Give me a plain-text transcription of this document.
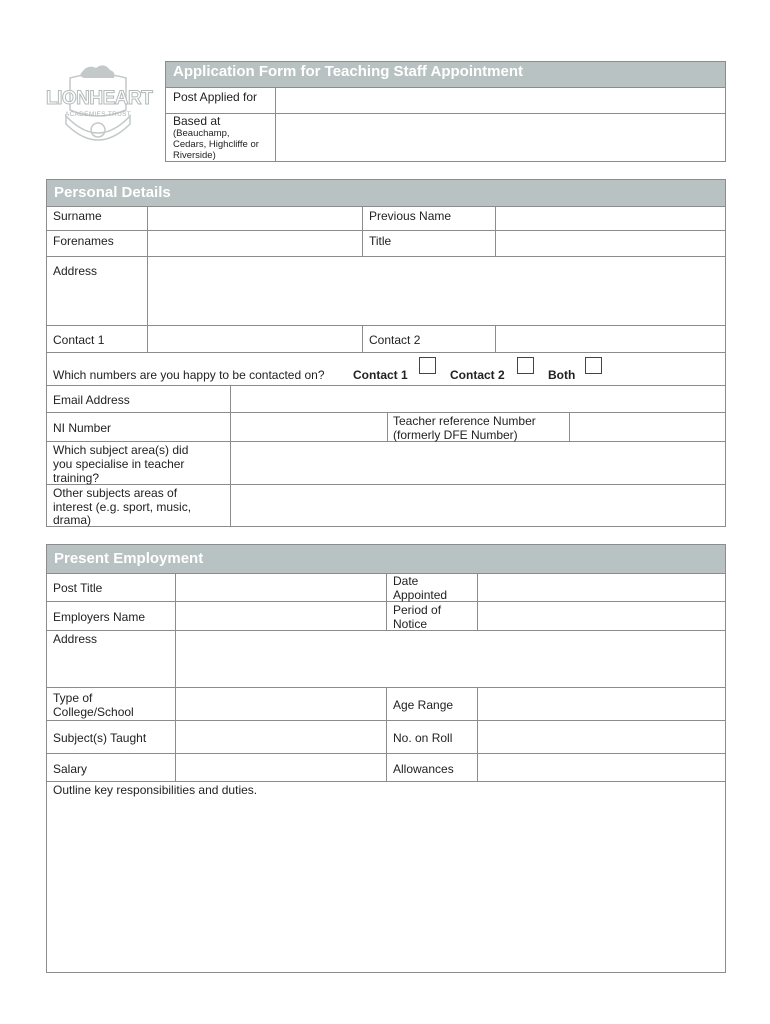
LIONHEART
ACADEMIES TRUST
Application Form for Teaching Staff Appointment
Post Applied for
Based at
(Beauchamp,
Cedars, Highcliffe or
Riverside)
Personal Details
Surname	Previous Name
Forenames	Title
Address
Contact 1	Contact 2
Which numbers are you happy to be contacted on? Contact 1	Contact 2	Both
Email Address
NI Number	Teacher reference Number
(formerly DFE Number)
Which subject area(s) did
you specialise in teacher
training?
Other subjects areas of
interest (e.g. sport, music,
drama)
Present Employment
Post Title	Date
Appointed
Employers Name	Period of
Notice
Address
Type of
College/School	Age Range
Subject(s) Taught	No. on Roll
Salary	Allowances
Outline key responsibilities and duties.
